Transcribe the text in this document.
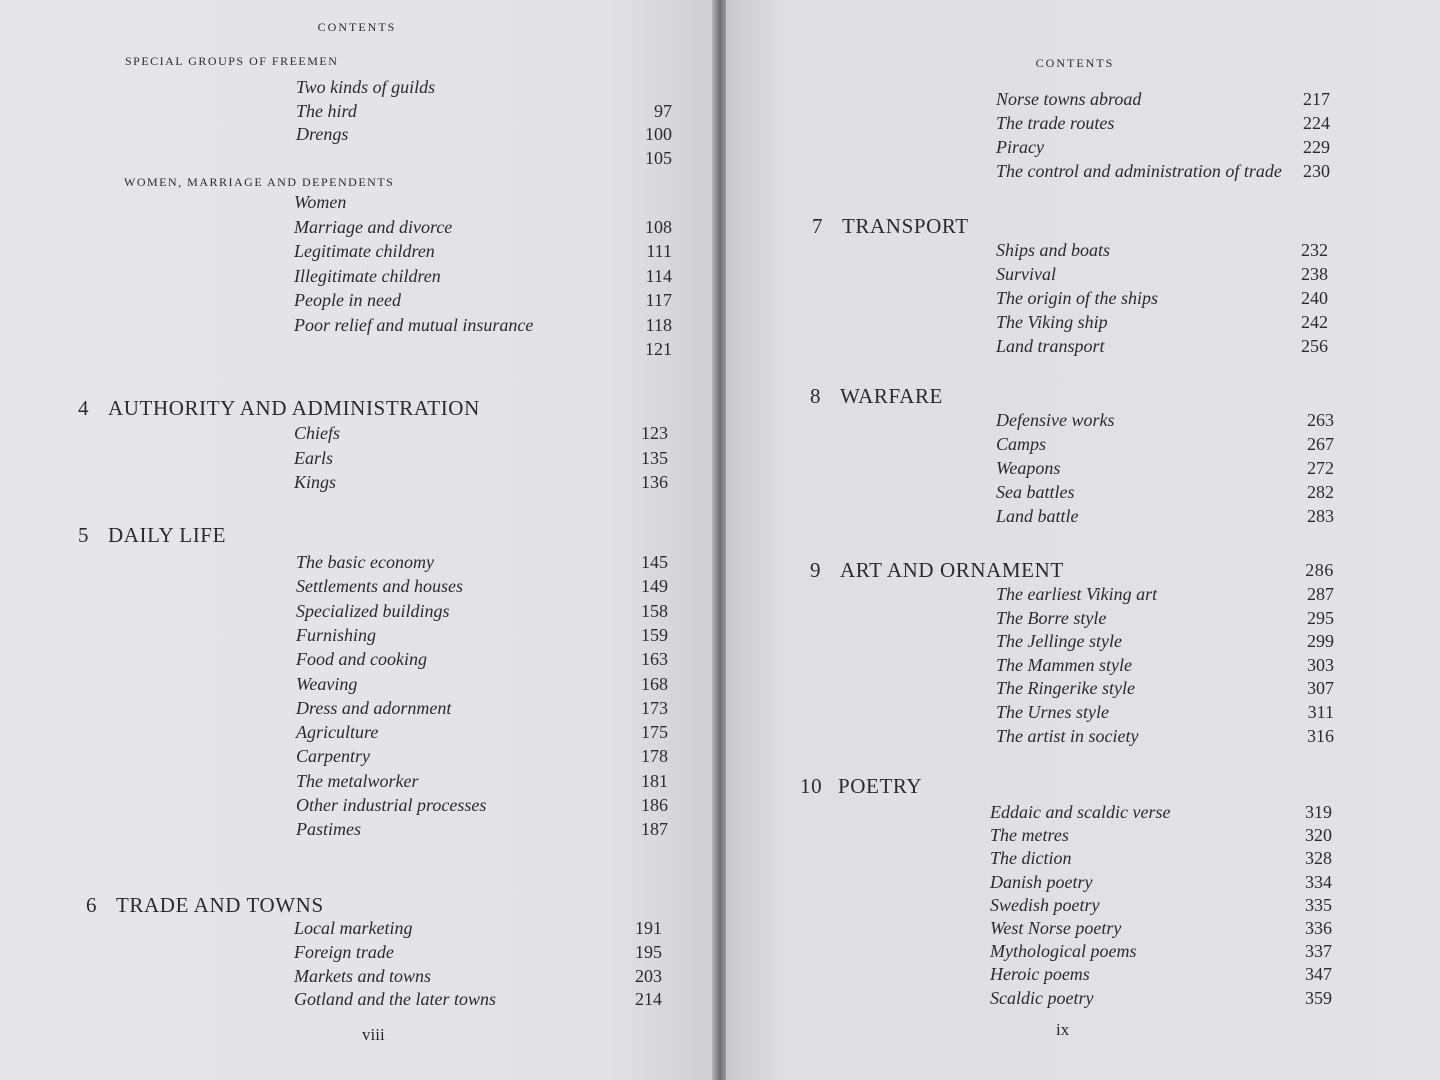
CONTENTS
SPECIAL GROUPS OF FREEMEN
Two kinds of guilds
The hird	97
Drengs	100
105
WOMEN, MARRIAGE AND DEPENDENTS
Women
Marriage and divorce	108
Legitimate children	111
Illegitimate children	114
People in need	117
Poor relief and mutual insurance	118
121
4 AUTHORITY AND ADMINISTRATION
Chiefs	123
Earls	135
Kings	136
5 DAILY LIFE
The basic economy	145
Settlements and houses	149
Specialized buildings	158
Furnishing	159
Food and cooking	163
Weaving	168
Dress and adornment	173
Agriculture	175
Carpentry	178
The metalworker	181
Other industrial processes	186
Pastimes	187
6 TRADE AND TOWNS
Local marketing	191
Foreign trade	195
Markets and towns	203
Gotland and the later towns	214
viii
CONTENTS
Norse towns abroad	217
The trade routes	224
Piracy	229
The control and administration of trade 230
7 TRANSPORT
Ships and boats	232
Survival	238
The origin of the ships	240
The Viking ship	242
Land transport	256
8 WARFARE
Defensive works	263
Camps	267
Weapons	272
Sea battles	282
Land battle	283
9 ART AND ORNAMENT	286
The earliest Viking art	287
The Borre style	295
The Jellinge style	299
The Mammen style	303
The Ringerike style	307
The Urnes style	311
The artist in society	316
10 POETRY
Eddaic and scaldic verse	319
The metres	320
The diction	328
Danish poetry	334
Swedish poetry	335
West Norse poetry	336
Mythological poems	337
Heroic poems	347
Scaldic poetry	359
ix
